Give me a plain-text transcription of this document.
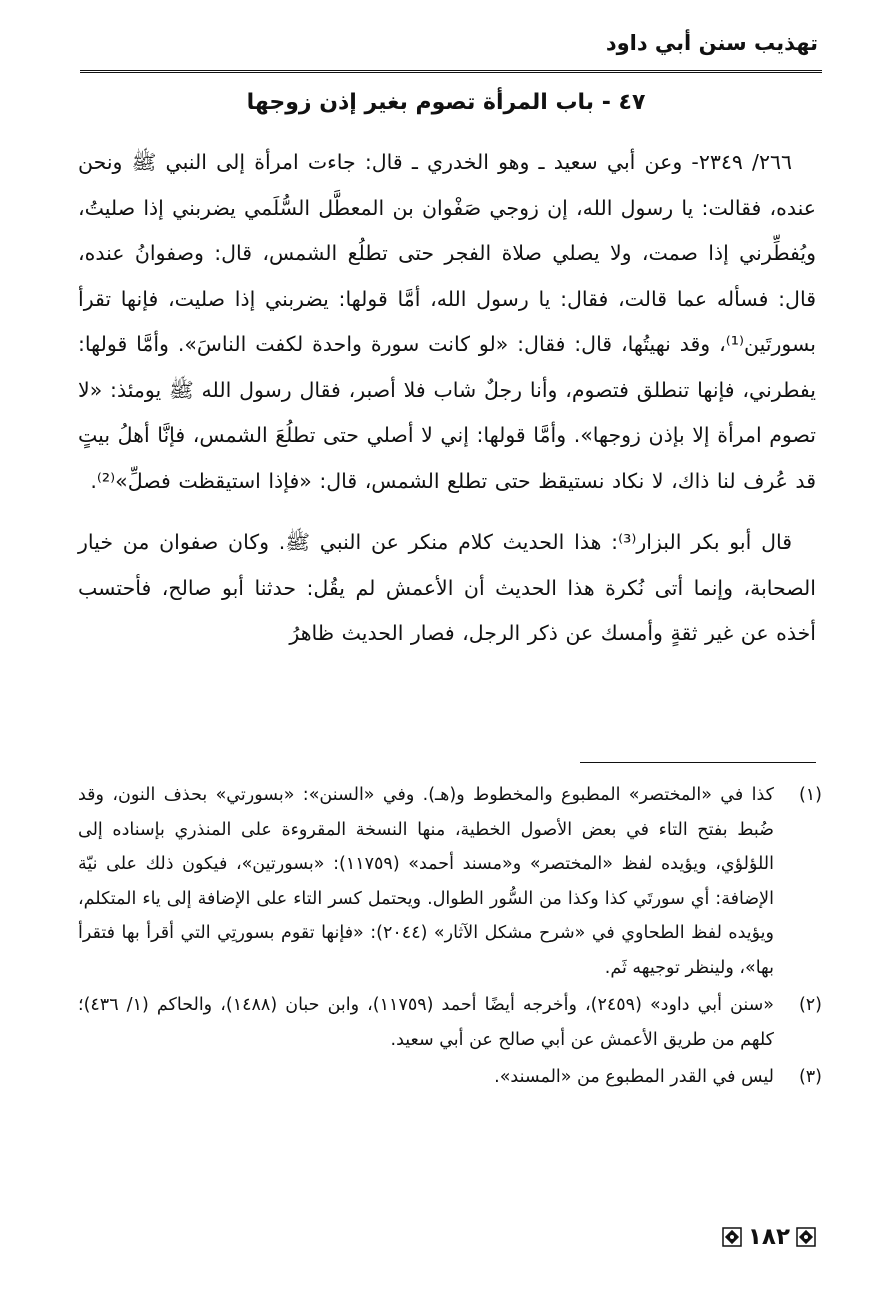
تهذيب سنن أبي داود
٤٧ - باب المرأة تصوم بغير إذن زوجها

٢٦٦/ ٢٣٤٩- وعن أبي سعيد ـ وهو الخدري ـ قال: جاءت امرأة إلى النبي ﷺ ونحن عنده، فقالت: يا رسول الله، إن زوجي صَفْوان بن المعطَّل السُّلَمي يضربني إذا صليتُ، ويُفطِّرني إذا صمت، ولا يصلي صلاة الفجر حتى تطلُع الشمس، قال: وصفوانُ عنده، قال: فسأله عما قالت، فقال: يا رسول الله، أمَّا قولها: يضربني إذا صليت، فإنها تقرأ بسورتَين⁽¹⁾، وقد نهيتُها، قال: فقال: «لو كانت سورة واحدة لكفت الناسَ». وأمَّا قولها: يفطرني، فإنها تنطلق فتصوم، وأنا رجلٌ شاب فلا أصبر، فقال رسول الله ﷺ يومئذ: «لا تصوم امرأة إلا بإذن زوجها». وأمَّا قولها: إني لا أصلي حتى تطلُعَ الشمس، فإنَّا أهلُ بيتٍ قد عُرف لنا ذاك، لا نكاد نستيقظ حتى تطلع الشمس، قال: «فإذا استيقظت فصلِّ»⁽²⁾.

قال أبو بكر البزار⁽³⁾: هذا الحديث كلام منكر عن النبي ﷺ. وكان صفوان من خيار الصحابة، وإنما أتى نُكرة هذا الحديث أن الأعمش لم يقُل: حدثنا أبو صالح، فأحتسب أخذه عن غير ثقةٍ وأمسك عن ذكر الرجل، فصار الحديث ظاهرُ

(١)
كذا في «المختصر» المطبوع والمخطوط و(هـ). وفي «السنن»: «بسورتي» بحذف النون، وقد ضُبط بفتح التاء في بعض الأصول الخطية، منها النسخة المقروءة على المنذري بإسناده إلى اللؤلؤي، ويؤيده لفظ «المختصر» و«مسند أحمد» (١١٧٥٩): «بسورتين»، فيكون ذلك على نيّة الإضافة: أي سورتَي كذا وكذا من السُّور الطوال. ويحتمل كسر التاء على الإضافة إلى ياء المتكلم، ويؤيده لفظ الطحاوي في «شرح مشكل الآثار» (٢٠٤٤): «فإنها تقوم بسورتِي التي أقرأ بها فتقرأ بها»، ولينظر توجيهه ثَم.
(٢)
«سنن أبي داود» (٢٤٥٩)، وأخرجه أيضًا أحمد (١١٧٥٩)، وابن حبان (١٤٨٨)، والحاكم (١/ ٤٣٦)؛ كلهم من طريق الأعمش عن أبي صالح عن أبي سعيد.
(٣)
ليس في القدر المطبوع من «المسند».
١٨٢
